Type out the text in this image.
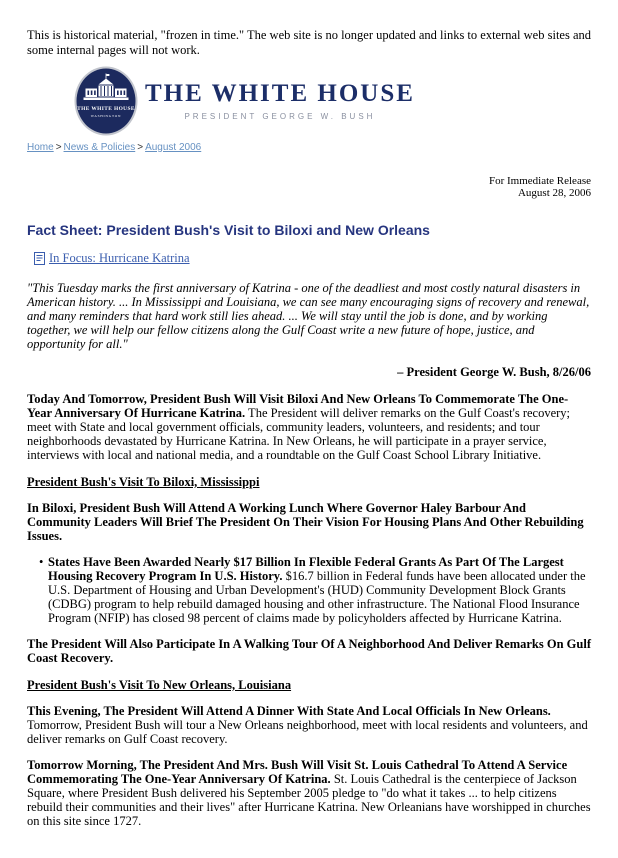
This is historical material, "frozen in time." The web site is no longer updated and links to external web sites and some internal pages will not work.

THE WHITE HOUSE
WASHINGTON
THE WHITE HOUSE
PRESIDENT GEORGE W. BUSH
Home > News & Policies > August 2006
For Immediate Release
August 28, 2006
Fact Sheet: President Bush's Visit to Biloxi and New Orleans
In Focus: Hurricane Katrina

"This Tuesday marks the first anniversary of Katrina - one of the deadliest and most costly natural disasters in American history. ... In Mississippi and Louisiana, we can see many encouraging signs of recovery and renewal, and many reminders that hard work still lies ahead. ... We will stay until the job is done, and by working together, we will help our fellow citizens along the Gulf Coast write a new future of hope, justice, and opportunity for all."

– President George W. Bush, 8/26/06

Today And Tomorrow, President Bush Will Visit Biloxi And New Orleans To Commemorate The One-Year Anniversary Of Hurricane Katrina. The President will deliver remarks on the Gulf Coast's recovery; meet with State and local government officials, community leaders, volunteers, and residents; and tour neighborhoods devastated by Hurricane Katrina. In New Orleans, he will participate in a prayer service, interviews with local and national media, and a roundtable on the Gulf Coast School Library Initiative.

President Bush's Visit To Biloxi, Mississippi

In Biloxi, President Bush Will Attend A Working Lunch Where Governor Haley Barbour And Community Leaders Will Brief The President On Their Vision For Housing Plans And Other Rebuilding Issues.

• States Have Been Awarded Nearly $17 Billion In Flexible Federal Grants As Part Of The Largest Housing Recovery Program In U.S. History. $16.7 billion in Federal funds have been allocated under the U.S. Department of Housing and Urban Development's (HUD) Community Development Block Grants (CDBG) program to help rebuild damaged housing and other infrastructure. The National Flood Insurance Program (NFIP) has closed 98 percent of claims made by policyholders affected by Hurricane Katrina.

The President Will Also Participate In A Walking Tour Of A Neighborhood And Deliver Remarks On Gulf Coast Recovery.

President Bush's Visit To New Orleans, Louisiana

This Evening, The President Will Attend A Dinner With State And Local Officials In New Orleans. Tomorrow, President Bush will tour a New Orleans neighborhood, meet with local residents and volunteers, and deliver remarks on Gulf Coast recovery.

Tomorrow Morning, The President And Mrs. Bush Will Visit St. Louis Cathedral To Attend A Service Commemorating The One-Year Anniversary Of Katrina. St. Louis Cathedral is the centerpiece of Jackson Square, where President Bush delivered his September 2005 pledge to "do what it takes ... to help citizens rebuild their communities and their lives" after Hurricane Katrina. New Orleanians have worshipped in churches on this site since 1727.
